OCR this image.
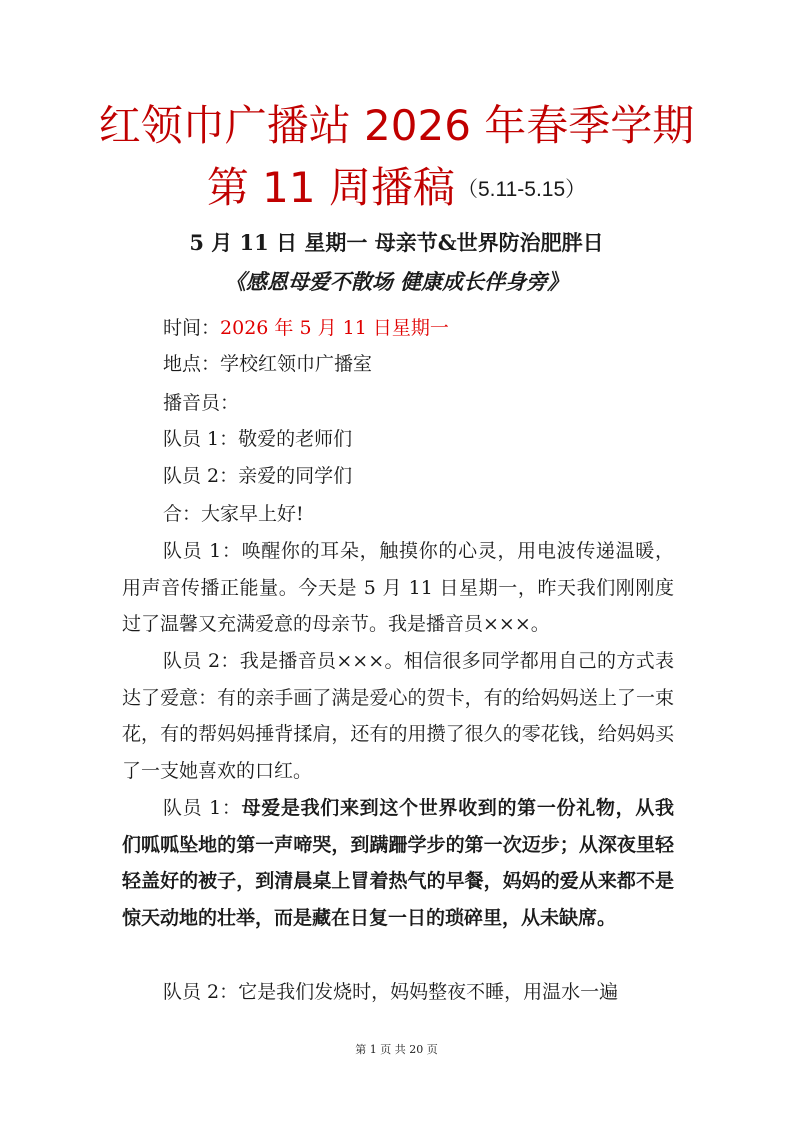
红领巾广播站 2026 年春季学期
第 11 周播稿（5.11-5.15）
5 月 11 日 星期一 母亲节&世界防治肥胖日
《感恩母爱不散场 健康成长伴身旁》
时间：2026 年 5 月 11 日星期一
地点：学校红领巾广播室
播音员：
队员 1：敬爱的老师们
队员 2：亲爱的同学们
合：大家早上好!
队员 1：唤醒你的耳朵，触摸你的心灵，用电波传递温暖，用声音传播正能量。今天是 5 月 11 日星期一，昨天我们刚刚度过了温馨又充满爱意的母亲节。我是播音员×××。
队员 2：我是播音员×××。相信很多同学都用自己的方式表达了爱意：有的亲手画了满是爱心的贺卡，有的给妈妈送上了一束花，有的帮妈妈捶背揉肩，还有的用攒了很久的零花钱，给妈妈买了一支她喜欢的口红。
队员 1：母爱是我们来到这个世界收到的第一份礼物，从我们呱呱坠地的第一声啼哭，到蹒跚学步的第一次迈步；从深夜里轻轻盖好的被子，到清晨桌上冒着热气的早餐，妈妈的爱从来都不是惊天动地的壮举，而是藏在日复一日的琐碎里，从未缺席。
队员 2：它是我们发烧时，妈妈整夜不睡，用温水一遍
第 1 页 共 20 页
